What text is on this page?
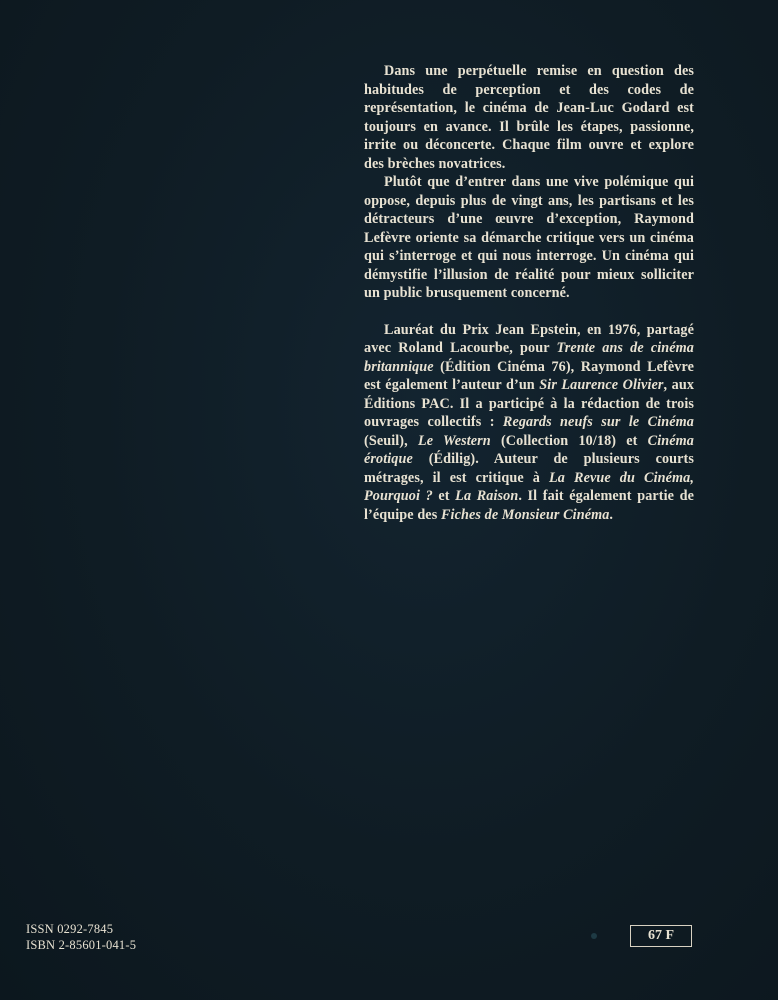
Dans une perpétuelle remise en question des habitudes de perception et des codes de représentation, le cinéma de Jean-Luc Godard est toujours en avance. Il brûle les étapes, passionne, irrite ou déconcerte. Chaque film ouvre et explore des brèches novatrices.

Plutôt que d’entrer dans une vive polémique qui oppose, depuis plus de vingt ans, les partisans et les détracteurs d’une œuvre d’exception, Raymond Lefèvre oriente sa démarche critique vers un cinéma qui s’interroge et qui nous interroge. Un cinéma qui démystifie l’illusion de réalité pour mieux solliciter un public brusquement concerné.

Lauréat du Prix Jean Epstein, en 1976, partagé avec Roland Lacourbe, pour Trente ans de cinéma britannique (Édition Cinéma 76), Raymond Lefèvre est également l’auteur d’un Sir Laurence Olivier, aux Éditions PAC. Il a participé à la rédaction de trois ouvrages collectifs : Regards neufs sur le Cinéma (Seuil), Le Western (Collection 10/18) et Cinéma érotique (Édilig). Auteur de plusieurs courts métrages, il est critique à La Revue du Cinéma, Pourquoi ? et La Raison. Il fait également partie de l’équipe des Fiches de Monsieur Cinéma.

ISSN 0292-7845
ISBN 2-85601-041-5
67 F
